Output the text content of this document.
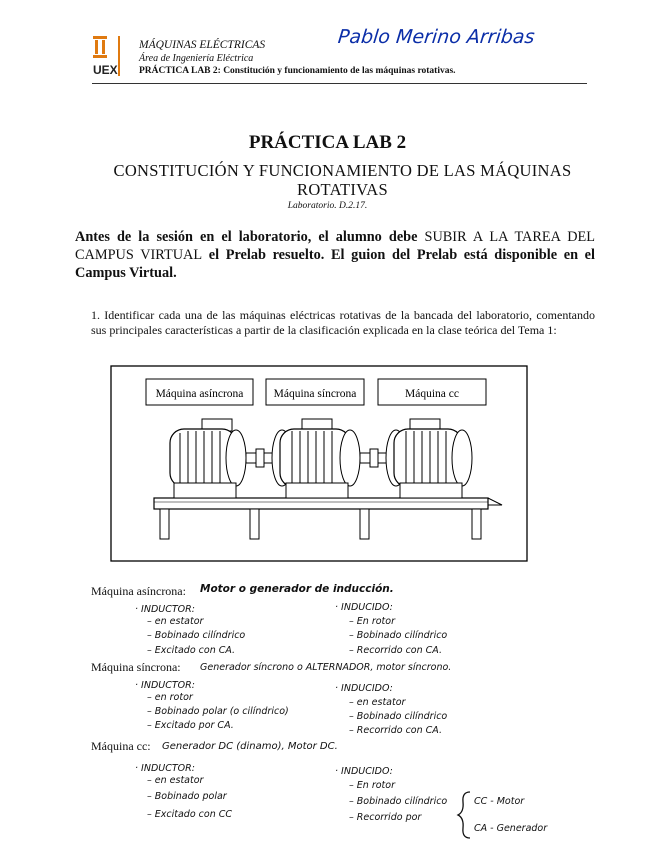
UEX
MÁQUINAS ELÉCTRICAS
Área de Ingeniería Eléctrica
PRÁCTICA LAB 2: Constitución y funcionamiento de las máquinas rotativas.
Pablo Merino Arribas
PRÁCTICA LAB 2
CONSTITUCIÓN Y FUNCIONAMIENTO DE LAS MÁQUINAS ROTATIVAS
Laboratorio. D.2.17.
Antes de la sesión en el laboratorio, el alumno debe SUBIR A LA TAREA DEL CAMPUS VIRTUAL el Prelab resuelto. El guion del Prelab está disponible en el Campus Virtual.
1. Identificar cada una de las máquinas eléctricas rotativas de la bancada del laboratorio, comentando sus principales características a partir de la clasificación explicada en la clase teórica del Tema 1:
Máquina asíncrona	Máquina síncrona	Máquina cc
Máquina asíncrona: Motor o generador de inducción.
· INDUCTOR:
– en estator
– Bobinado cilíndrico
– Excitado con CA.
· INDUCIDO:
– En rotor
– Bobinado cilíndrico
– Recorrido con CA.
Máquina síncrona: Generador síncrono o ALTERNADOR, motor síncrono.
· INDUCTOR:
– en rotor
– Bobinado polar (o cilíndrico)
– Excitado por CA.
· INDUCIDO:
– en estator
– Bobinado cilíndrico
– Recorrido con CA.
Máquina cc: Generador DC (dinamo), Motor DC.
· INDUCTOR:
– en estator
– Bobinado polar
– Excitado con CC
· INDUCIDO:
– En rotor
– Bobinado cilíndrico
– Recorrido por
CC - Motor
CA - Generador
